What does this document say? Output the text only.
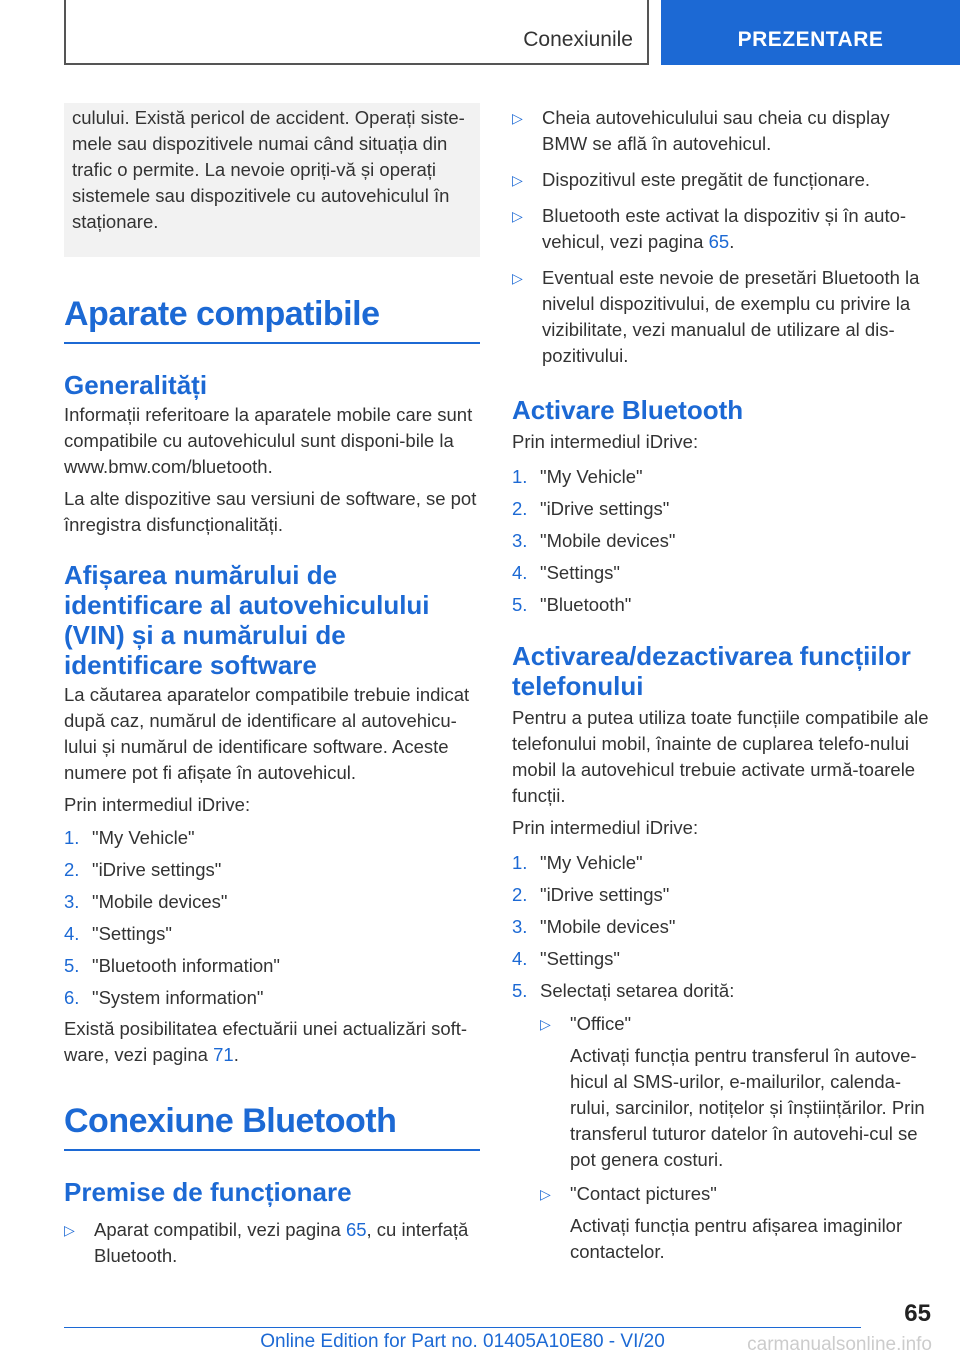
Conexiunile	PREZENTARE

culului. Există pericol de accident. Operați siste-mele sau dispozitivele numai când situația din trafic o permite. La nevoie opriți-vă și operați sistemele sau dispozitivele cu autovehiculul în staționare.

Aparate compatibile
Generalități

Informații referitoare la aparatele mobile care sunt compatibile cu autovehiculul sunt disponi-bile la www.bmw.com/bluetooth.

La alte dispozitive sau versiuni de software, se pot înregistra disfuncționalități.

Afișarea numărului de identificare al autovehiculului (VIN) și a numărului de identificare software

La căutarea aparatelor compatibile trebuie indicat după caz, numărul de identificare al autovehicu-lului și numărul de identificare software. Aceste numere pot fi afișate în autovehicul.

Prin intermediul iDrive:

1. "My Vehicle"
2. "iDrive settings"
3. "Mobile devices"
4. "Settings"
5. "Bluetooth information"
6. "System information"

Există posibilitatea efectuării unei actualizări soft-ware, vezi pagina 71.

Conexiune Bluetooth
Premise de funcționare
▷ Aparat compatibil, vezi pagina 65, cu interfață Bluetooth.
▷ Cheia autovehiculului sau cheia cu display BMW se află în autovehicul.
▷ Dispozitivul este pregătit de funcționare.
▷ Bluetooth este activat la dispozitiv și în auto-vehicul, vezi pagina 65.
▷ Eventual este nevoie de presetări Bluetooth la nivelul dispozitivului, de exemplu cu privire la vizibilitate, vezi manualul de utilizare al dis-pozitivului.
Activare Bluetooth

Prin intermediul iDrive:

1. "My Vehicle"
2. "iDrive settings"
3. "Mobile devices"
4. "Settings"
5. "Bluetooth"
Activarea/dezactivarea funcțiilor telefonului

Pentru a putea utiliza toate funcțiile compatibile ale telefonului mobil, înainte de cuplarea telefo-nului mobil la autovehicul trebuie activate urmă-toarele funcții.

Prin intermediul iDrive:

1. "My Vehicle"
2. "iDrive settings"
3. "Mobile devices"
4. "Settings"
5. Selectați setarea dorită:
▷ "Office"
Activați funcția pentru transferul în autove-hicul al SMS-urilor, e-mailurilor, calenda-rului, sarcinilor, notițelor și înștiințărilor. Prin transferul tuturor datelor în autovehi-cul se pot genera costuri.
▷ "Contact pictures"
Activați funcția pentru afișarea imaginilor contactelor.
65
Online Edition for Part no. 01405A10E80 - VI/20	carmanualsonline.info
